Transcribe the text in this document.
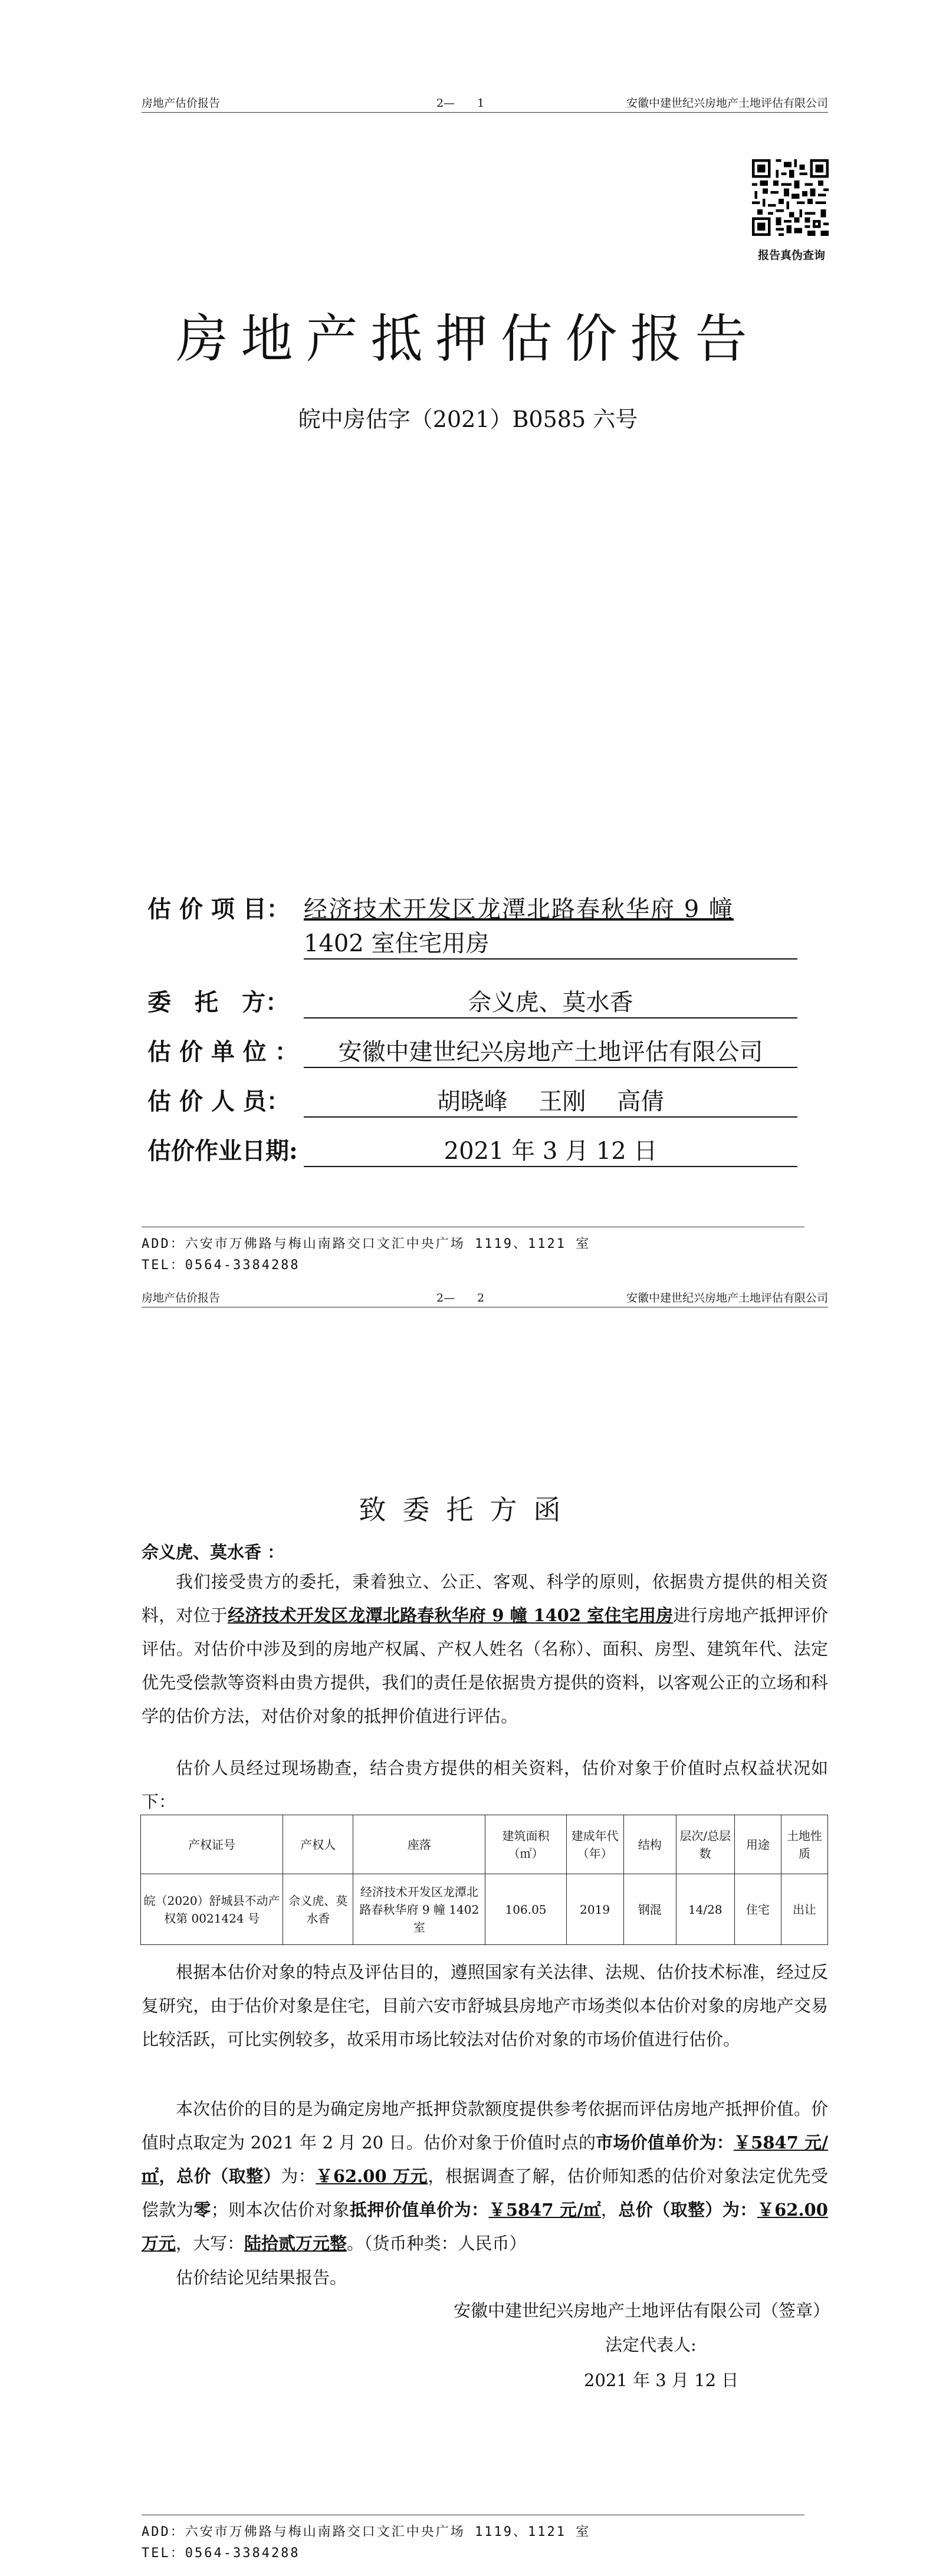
房地产估价报告	2—　　1	安徽中建世纪兴房地产土地评估有限公司
报告真伪查询
房地产抵押估价报告
皖中房估字（2021）B0585 六号
估 价 项 目： 经济技术开发区龙潭北路春秋华府 9 幢
1402 室住宅用房
委　托　方：	佘义虎、莫水香
估 价 单 位 ：	安徽中建世纪兴房地产土地评估有限公司
估 价 人 员：	胡晓峰　 王刚　 高倩
估价作业日期:	2021 年 3 月 12 日
ADD：六安市万佛路与梅山南路交口文汇中央广场 1119、1121 室
TEL：0564-3384288
房地产估价报告	2—　　2	安徽中建世纪兴房地产土地评估有限公司
致委托方函
佘义虎、莫水香 ：
我们接受贵方的委托，秉着独立、公正、客观、科学的原则，依据贵方提供的相关资料，对位于经济技术开发区龙潭北路春秋华府 9 幢 1402 室住宅用房进行房地产抵押评价评估。对估价中涉及到的房地产权属、产权人姓名（名称）、面积、房型、建筑年代、法定优先受偿款等资料由贵方提供，我们的责任是依据贵方提供的资料，以客观公正的立场和科学的估价方法，对估价对象的抵押价值进行评估。
估价人员经过现场勘查，结合贵方提供的相关资料，估价对象于价值时点权益状况如下：
产权证号	产权人	座落	建筑面积（㎡）	建成年代（年）	结构	层次/总层数	用途	土地性质
皖（2020）舒城县不动产权第 0021424 号	佘义虎、莫水香	经济技术开发区龙潭北路春秋华府 9 幢 1402 室	106.05	2019	钢混	14/28	住宅	出让
根据本估价对象的特点及评估目的，遵照国家有关法律、法规、估价技术标准，经过反复研究，由于估价对象是住宅，目前六安市舒城县房地产市场类似本估价对象的房地产交易比较活跃，可比实例较多，故采用市场比较法对估价对象的市场价值进行估价。
本次估价的目的是为确定房地产抵押贷款额度提供参考依据而评估房地产抵押价值。价值时点取定为 2021 年 2 月 20 日。估价对象于价值时点的市场价值单价为：￥5847 元/㎡，总价（取整）为：￥62.00 万元，根据调查了解，估价师知悉的估价对象法定优先受偿款为零；则本次估价对象抵押价值单价为：￥5847 元/㎡，总价（取整）为：￥62.00 万元，大写：陆拾贰万元整。（货币种类：人民币）
估价结论见结果报告。
安徽中建世纪兴房地产土地评估有限公司（签章）
法定代表人:
2021 年 3 月 12 日
ADD：六安市万佛路与梅山南路交口文汇中央广场 1119、1121 室
TEL：0564-3384288
